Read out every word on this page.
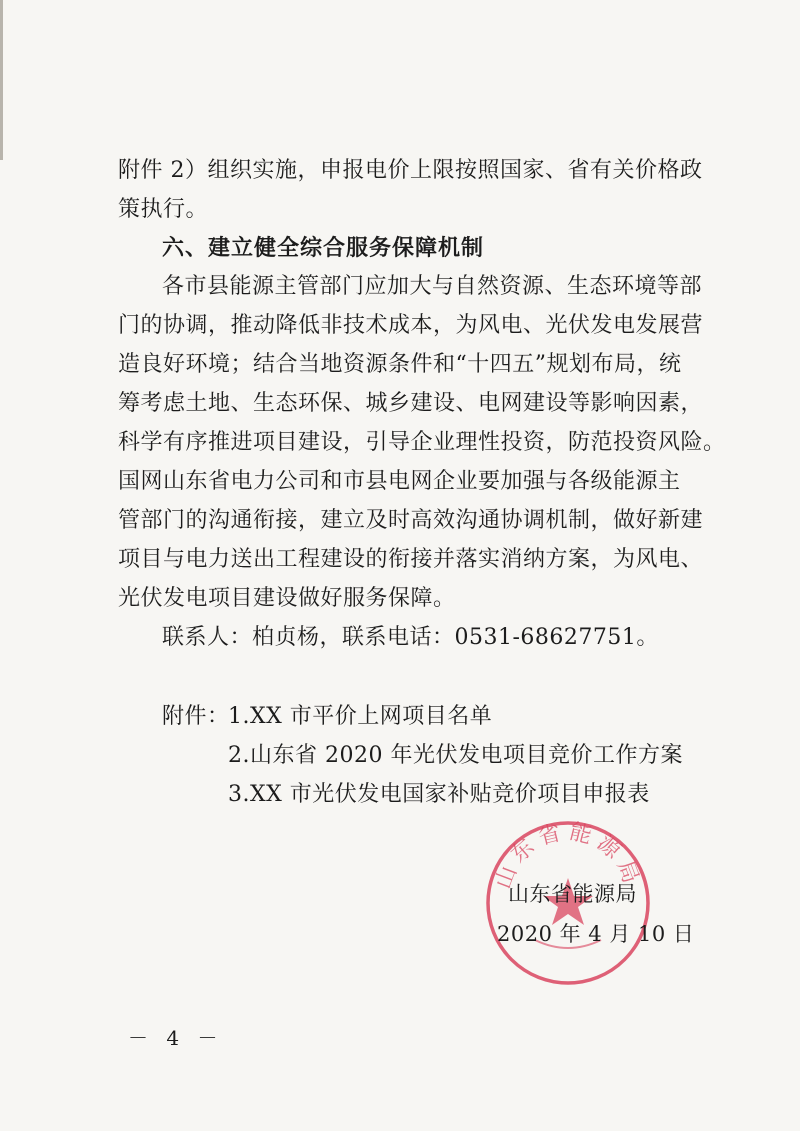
附件 2）组织实施，申报电价上限按照国家、省有关价格政
策执行。
六、建立健全综合服务保障机制
各市县能源主管部门应加大与自然资源、生态环境等部
门的协调，推动降低非技术成本，为风电、光伏发电发展营
造良好环境；结合当地资源条件和“十四五”规划布局，统
筹考虑土地、生态环保、城乡建设、电网建设等影响因素，
科学有序推进项目建设，引导企业理性投资，防范投资风险。
国网山东省电力公司和市县电网企业要加强与各级能源主
管部门的沟通衔接，建立及时高效沟通协调机制，做好新建
项目与电力送出工程建设的衔接并落实消纳方案，为风电、
光伏发电项目建设做好服务保障。
联系人：柏贞杨，联系电话：0531-68627751。
附件：
1.XX 市平价上网项目名单
2.山东省 2020 年光伏发电项目竞价工作方案
3.XX 市光伏发电国家补贴竞价项目申报表
山东省能源局
山东省能源局
2020 年 4 月 10 日
－ 4 －
